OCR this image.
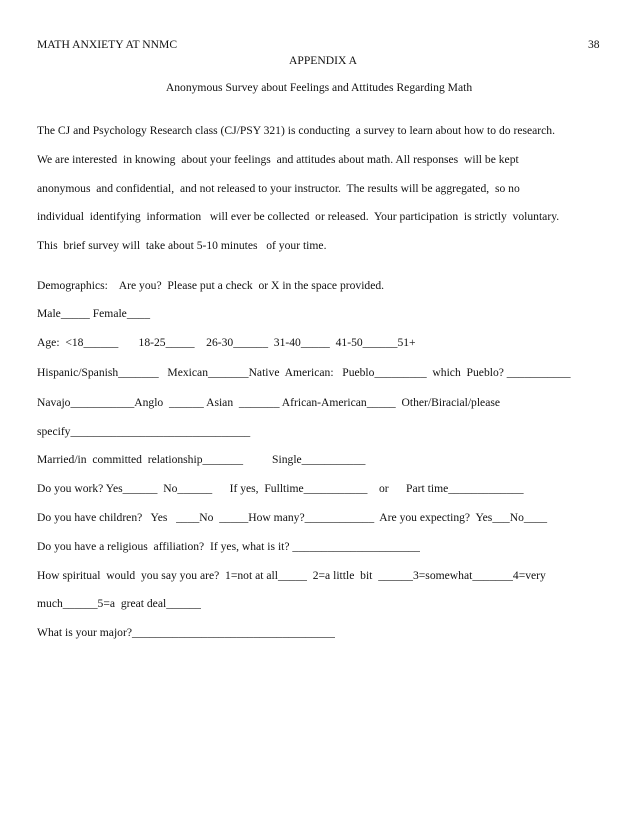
MATH ANXIETY AT NNMC	38
APPENDIX A
Anonymous Survey about Feelings and Attitudes Regarding Math
The CJ and Psychology Research class (CJ/PSY 321) is conducting  a survey to learn about how to do research.
We are interested  in knowing  about your feelings  and attitudes about math. All responses  will be kept
anonymous  and confidential,  and not released to your instructor.  The results will be aggregated,  so no
individual  identifying  information   will ever be collected  or released.  Your participation  is strictly  voluntary.
This  brief survey will  take about 5-10 minutes   of your time.
Demographics:    Are you?  Please put a check  or X in the space provided.
Male_____ Female____
Age:  <18______       18-25_____    26-30______  31-40_____  41-50______51+
Hispanic/Spanish_______   Mexican_______Native  American:   Pueblo_________  which  Pueblo? ___________
Navajo___________Anglo  ______ Asian  _______ African-American_____  Other/Biracial/please
specify_______________________________
Married/in  committed  relationship_______          Single___________
Do you work? Yes______  No______      If yes,  Fulltime___________    or      Part time_____________
Do you have children?   Yes   ____No  _____How many?____________  Are you expecting?  Yes___No____
Do you have a religious  affiliation?  If yes, what is it? ______________________
How spiritual  would  you say you are?  1=not at all_____  2=a little  bit  ______3=somewhat_______4=very
much______5=a  great deal______
What is your major?___________________________________
